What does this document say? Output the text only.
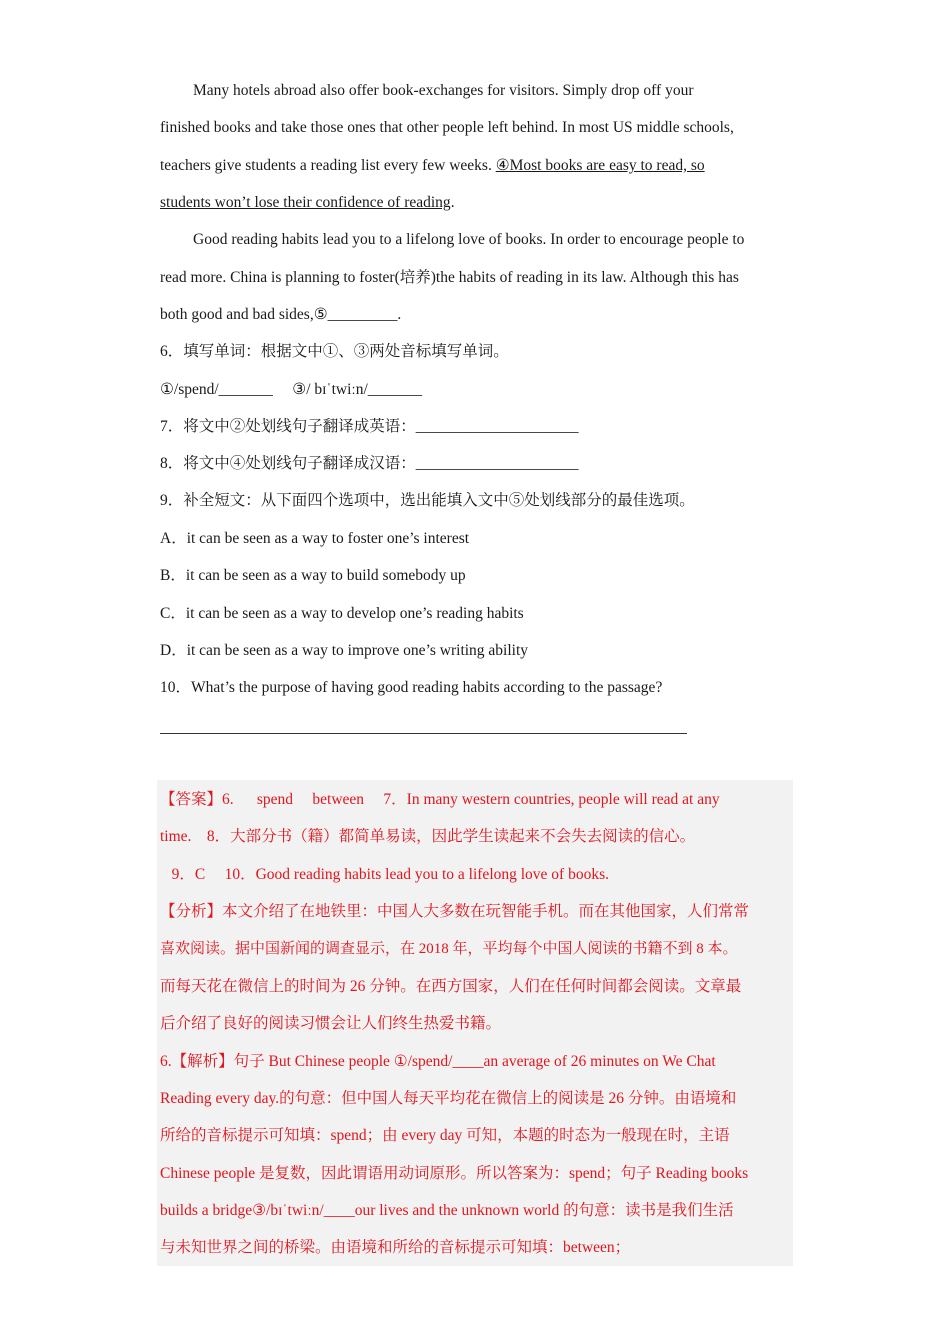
Many hotels abroad also offer book-exchanges for visitors. Simply drop off your
finished books and take those ones that other people left behind. In most US middle schools,
teachers give students a reading list every few weeks. ④Most books are easy to read, so
students won’t lose their confidence of reading.
Good reading habits lead you to a lifelong love of books. In order to encourage people to
read more. China is planning to foster(培养)the habits of reading in its law. Although this has
both good and bad sides,⑤_________.
6．填写单词：根据文中①、③两处音标填写单词。
①/spend/_______     ③/ bɪˈtwiːn/_______
7．将文中②处划线句子翻译成英语：_____________________
8．将文中④处划线句子翻译成汉语：_____________________
9．补全短文：从下面四个选项中，选出能填入文中⑤处划线部分的最佳选项。
A．it can be seen as a way to foster one’s interest
B．it can be seen as a way to build somebody up
C．it can be seen as a way to develop one’s reading habits
D．it can be seen as a way to improve one’s writing ability
10．What’s the purpose of having good reading habits according to the passage?
【答案】6.      spend     between     7．In many western countries, people will read at any
time.    8．大部分书（籍）都简单易读，因此学生读起来不会失去阅读的信心。
9．C     10．Good reading habits lead you to a lifelong love of books.
【分析】本文介绍了在地铁里：中国人大多数在玩智能手机。而在其他国家，人们常常
喜欢阅读。据中国新闻的调查显示，在 2018 年，平均每个中国人阅读的书籍不到 8 本。
而每天花在微信上的时间为 26 分钟。在西方国家，人们在任何时间都会阅读。文章最
后介绍了良好的阅读习惯会让人们终生热爱书籍。
6.【解析】句子 But Chinese people ①/spend/____an average of 26 minutes on We Chat
Reading every day.的句意：但中国人每天平均花在微信上的阅读是 26 分钟。由语境和
所给的音标提示可知填：spend；由 every day 可知，本题的时态为一般现在时，主语
Chinese people 是复数，因此谓语用动词原形。所以答案为：spend；句子 Reading books
builds a bridge③/bɪˈtwiːn/____our lives and the unknown world 的句意：读书是我们生活
与未知世界之间的桥梁。由语境和所给的音标提示可知填：between；
